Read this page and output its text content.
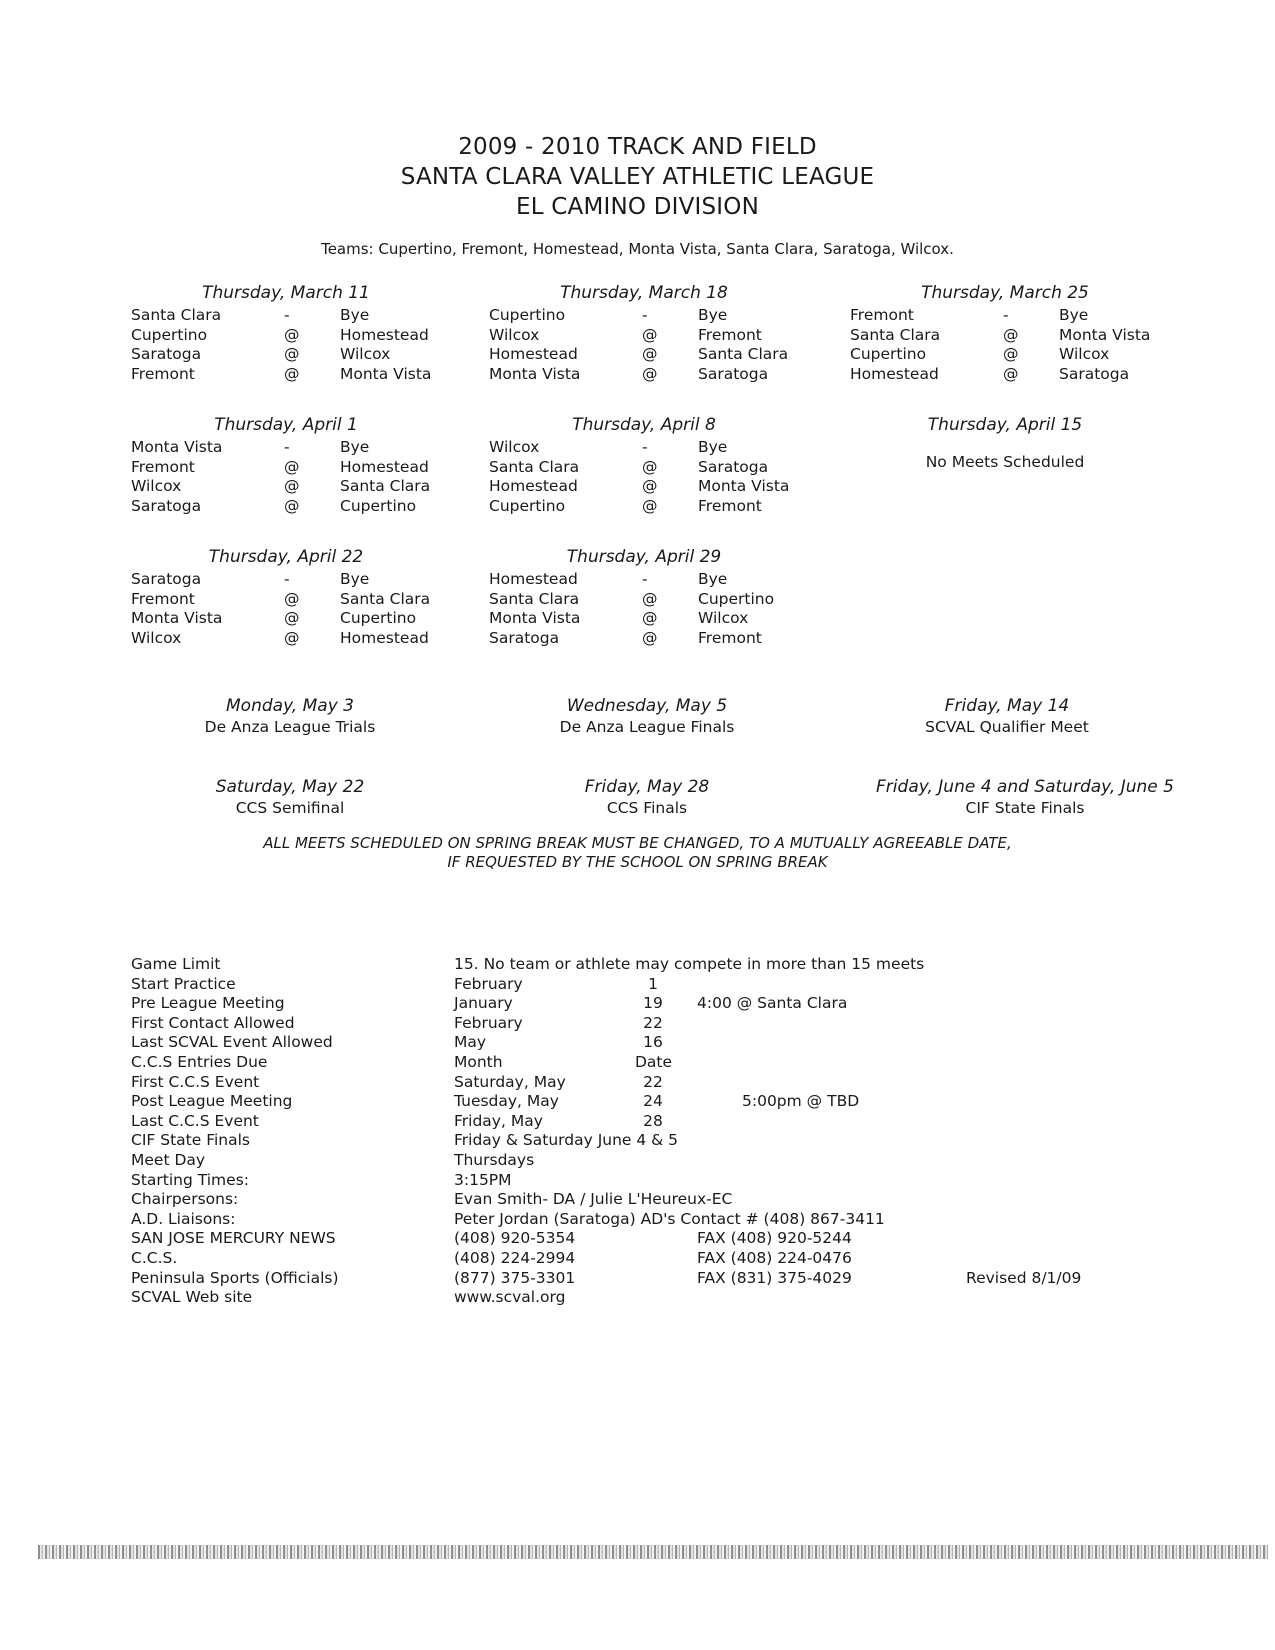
2009 - 2010 TRACK AND FIELD
SANTA CLARA VALLEY ATHLETIC LEAGUE
EL CAMINO DIVISION
Teams: Cupertino, Fremont, Homestead, Monta Vista, Santa Clara, Saratoga, Wilcox.
Thursday, March 11
Santa Clara	-	Bye
Cupertino	@	Homestead
Saratoga	@	Wilcox
Fremont	@	Monta Vista
Thursday, March 18
Cupertino	-	Bye
Wilcox	@	Fremont
Homestead	@	Santa Clara
Monta Vista	@	Saratoga
Thursday, March 25
Fremont	-	Bye
Santa Clara	@	Monta Vista
Cupertino	@	Wilcox
Homestead	@	Saratoga
Thursday, April 1
Monta Vista	-	Bye
Fremont	@	Homestead
Wilcox	@	Santa Clara
Saratoga	@	Cupertino
Thursday, April 8
Wilcox	-	Bye
Santa Clara	@	Saratoga
Homestead	@	Monta Vista
Cupertino	@	Fremont
Thursday, April 15
No Meets Scheduled
Thursday, April 22
Saratoga	-	Bye
Fremont	@	Santa Clara
Monta Vista	@	Cupertino
Wilcox	@	Homestead
Thursday, April 29
Homestead	-	Bye
Santa Clara	@	Cupertino
Monta Vista	@	Wilcox
Saratoga	@	Fremont
Monday, May 3
De Anza League Trials
Wednesday, May 5
De Anza League Finals
Friday, May 14
SCVAL Qualifier Meet
Saturday, May 22
CCS Semifinal
Friday, May 28
CCS Finals
Friday, June 4 and Saturday, June 5
CIF State Finals
ALL MEETS SCHEDULED ON SPRING BREAK MUST BE CHANGED, TO A MUTUALLY AGREEABLE DATE,
IF REQUESTED BY THE SCHOOL ON SPRING BREAK
Game Limit	15. No team or athlete may compete in more than 15 meets
Start Practice	February	1
Pre League Meeting	January	19	4:00 @ Santa Clara
First Contact Allowed	February	22
Last SCVAL Event Allowed	May	16
C.C.S Entries Due	Month	Date
First C.C.S Event	Saturday, May	22
Post League Meeting	Tuesday, May	24	5:00pm @ TBD
Last C.C.S Event	Friday, May	28
CIF State Finals	Friday & Saturday June 4 & 5
Meet Day	Thursdays
Starting Times:	3:15PM
Chairpersons:	Evan Smith- DA / Julie L'Heureux-EC
A.D. Liaisons:	Peter Jordan (Saratoga) AD's Contact # (408) 867-3411
SAN JOSE MERCURY NEWS	(408) 920-5354	FAX (408) 920-5244
C.C.S.	(408) 224-2994	FAX (408) 224-0476
Peninsula Sports (Officials)	(877) 375-3301	FAX (831) 375-4029	Revised 8/1/09
SCVAL Web site	www.scval.org
